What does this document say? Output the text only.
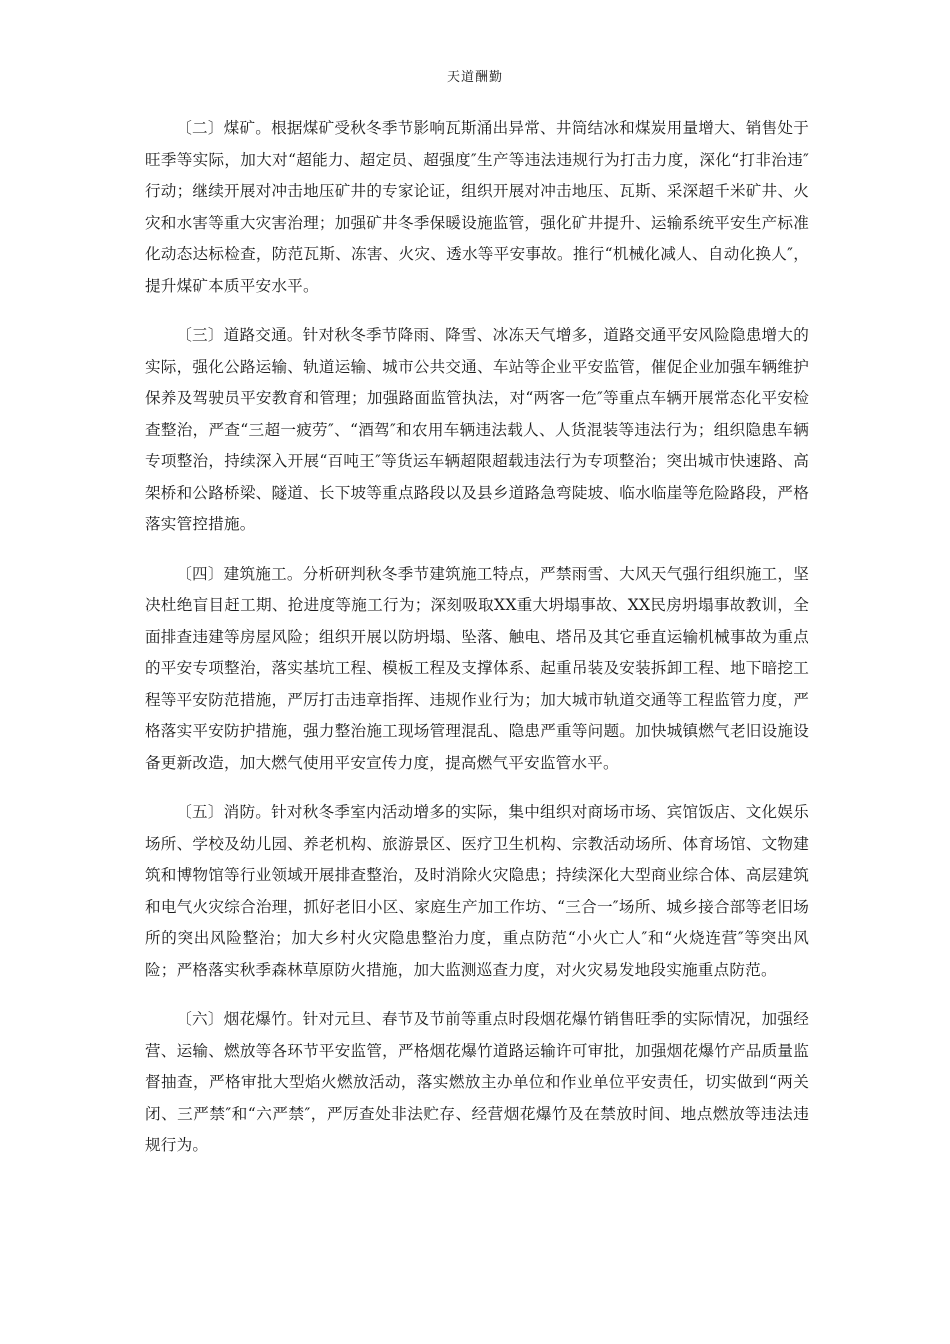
天道酬勤

〔二〕煤矿。根据煤矿受秋冬季节影响瓦斯涌出异常、井筒结冰和煤炭用量增大、销售处于旺季等实际，加大对“超能力、超定员、超强度″生产等违法违规行为打击力度，深化“打非治违″行动；继续开展对冲击地压矿井的专家论证，组织开展对冲击地压、瓦斯、采深超千米矿井、火灾和水害等重大灾害治理；加强矿井冬季保暖设施监管，强化矿井提升、运输系统平安生产标准化动态达标检查，防范瓦斯、冻害、火灾、透水等平安事故。推行“机械化减人、自动化换人″，提升煤矿本质平安水平。

〔三〕道路交通。针对秋冬季节降雨、降雪、冰冻天气增多，道路交通平安风险隐患增大的实际，强化公路运输、轨道运输、城市公共交通、车站等企业平安监管，催促企业加强车辆维护保养及驾驶员平安教育和管理；加强路面监管执法，对“两客一危″等重点车辆开展常态化平安检查整治，严查“三超一疲劳″、“酒驾″和农用车辆违法载人、人货混装等违法行为；组织隐患车辆专项整治，持续深入开展“百吨王″等货运车辆超限超载违法行为专项整治；突出城市快速路、高架桥和公路桥梁、隧道、长下坡等重点路段以及县乡道路急弯陡坡、临水临崖等危险路段，严格落实管控措施。

〔四〕建筑施工。分析研判秋冬季节建筑施工特点，严禁雨雪、大风天气强行组织施工，坚决杜绝盲目赶工期、抢进度等施工行为；深刻吸取XX重大坍塌事故、XX民房坍塌事故教训，全面排查违建等房屋风险；组织开展以防坍塌、坠落、触电、塔吊及其它垂直运输机械事故为重点的平安专项整治，落实基坑工程、模板工程及支撑体系、起重吊装及安装拆卸工程、地下暗挖工程等平安防范措施，严厉打击违章指挥、违规作业行为；加大城市轨道交通等工程监管力度，严格落实平安防护措施，强力整治施工现场管理混乱、隐患严重等问题。加快城镇燃气老旧设施设备更新改造，加大燃气使用平安宣传力度，提高燃气平安监管水平。

〔五〕消防。针对秋冬季室内活动增多的实际，集中组织对商场市场、宾馆饭店、文化娱乐场所、学校及幼儿园、养老机构、旅游景区、医疗卫生机构、宗教活动场所、体育场馆、文物建筑和博物馆等行业领域开展排查整治，及时消除火灾隐患；持续深化大型商业综合体、高层建筑和电气火灾综合治理，抓好老旧小区、家庭生产加工作坊、“三合一″场所、城乡接合部等老旧场所的突出风险整治；加大乡村火灾隐患整治力度，重点防范“小火亡人″和“火烧连营″等突出风险；严格落实秋季森林草原防火措施，加大监测巡查力度，对火灾易发地段实施重点防范。

〔六〕烟花爆竹。针对元旦、春节及节前等重点时段烟花爆竹销售旺季的实际情况，加强经营、运输、燃放等各环节平安监管，严格烟花爆竹道路运输许可审批，加强烟花爆竹产品质量监督抽查，严格审批大型焰火燃放活动，落实燃放主办单位和作业单位平安责任，切实做到“两关闭、三严禁″和“六严禁″，严厉查处非法贮存、经营烟花爆竹及在禁放时间、地点燃放等违法违规行为。
